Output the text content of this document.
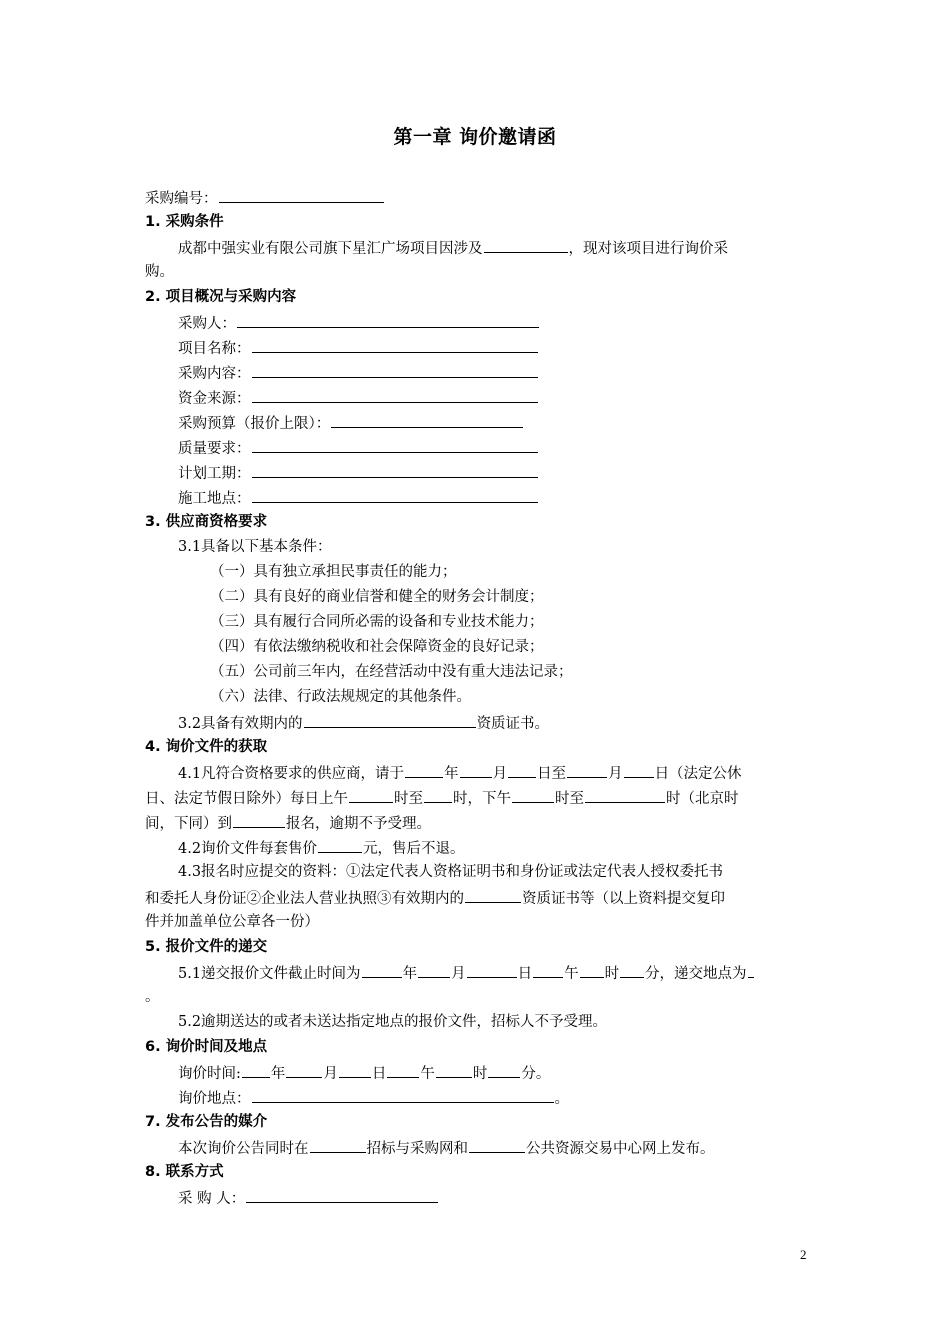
第一章 询价邀请函
采购编号：
1. 采购条件
成都中强实业有限公司旗下星汇广场项目因涉及	，现对该项目进行询价采
购。
2. 项目概况与采购内容
采购人：
项目名称：
采购内容：
资金来源：
采购预算（报价上限）：
质量要求：
计划工期：
施工地点：
3. 供应商资格要求
3.1具备以下基本条件：
（一）具有独立承担民事责任的能力；
（二）具有良好的商业信誉和健全的财务会计制度；
（三）具有履行合同所必需的设备和专业技术能力；
（四）有依法缴纳税收和社会保障资金的良好记录；
（五）公司前三年内，在经营活动中没有重大违法记录；
（六）法律、行政法规规定的其他条件。
3.2具备有效期内的	资质证书。
4. 询价文件的获取
4.1凡符合资格要求的供应商，请于	年 月 日至	月 日（法定公休
日、法定节假日除外）每日上午	时至 时，下午	时至	时（北京时
间，下同）到	报名，逾期不予受理。
4.2询价文件每套售价	元，售后不退。
4.3报名时应提交的资料：①法定代表人资格证明书和身份证或法定代表人授权委托书
和委托人身份证②企业法人营业执照③有效期内的	资质证书等（以上资料提交复印
件并加盖单位公章各一份）
5. 报价文件的递交
5.1递交报价文件截止时间为	年 月	日 午 时 分，递交地点为
。
5.2逾期送达的或者未送达指定地点的报价文件，招标人不予受理。
6. 询价时间及地点
询价时间: 年	月 日 午	时 分。
询价地点：	。
7. 发布公告的媒介
本次询价公告同时在	招标与采购网和	公共资源交易中心网上发布。
8. 联系方式
采 购 人：
2
